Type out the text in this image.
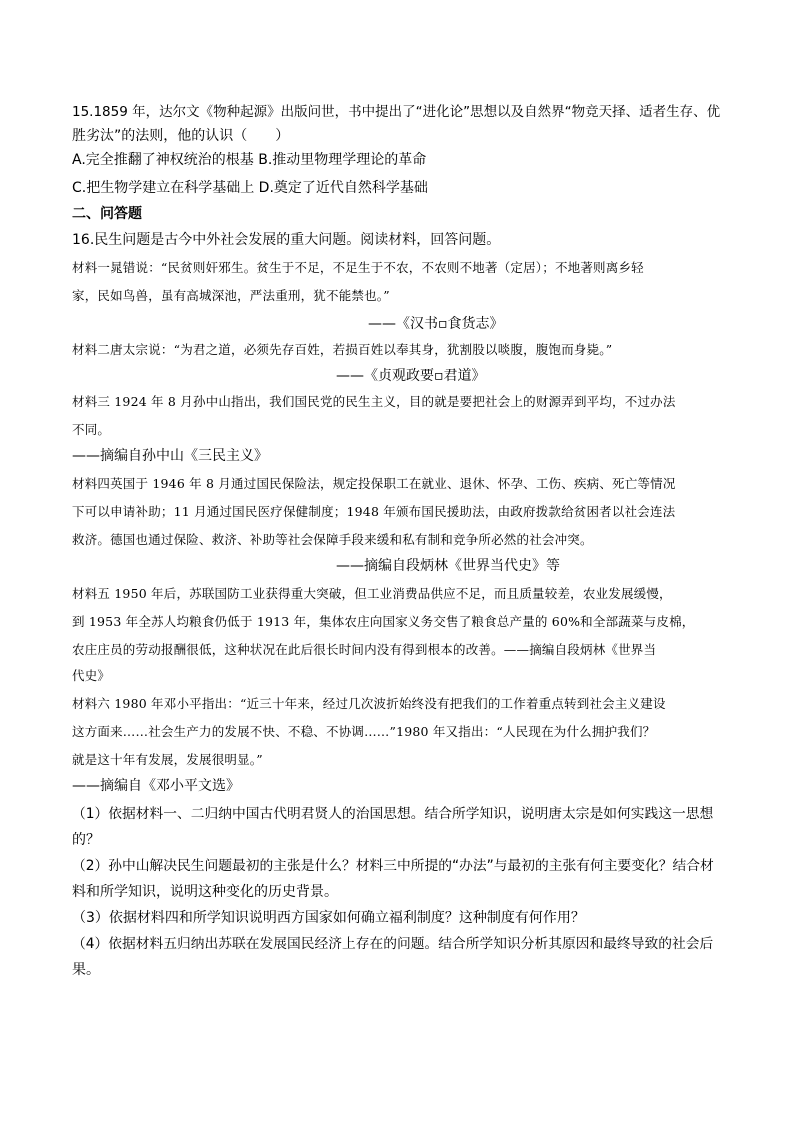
15.1859 年，达尔文《物种起源》出版问世，书中提出了“进化论”思想以及自然界“物竞天择、适者生存、优
胜劣汰”的法则，他的认识（　　）
A.完全推翻了神权统治的根基 B.推动里物理学理论的革命
C.把生物学建立在科学基础上 D.奠定了近代自然科学基础
二、问答题
16.民生问题是古今中外社会发展的重大问题。阅读材料，回答问题。
材料一晁错说：“民贫则奸邪生。贫生于不足，不足生于不农，不农则不地著（定居）；不地著则离乡轻
家，民如鸟兽，虽有高城深池，严法重刑，犹不能禁也。”
——《汉书▫食货志》
材料二唐太宗说：“为君之道，必须先存百姓，若损百姓以奉其身，犹割股以啖腹，腹饱而身毙。”
——《贞观政要▫君道》
材料三 1924 年 8 月孙中山指出，我们国民党的民生主义，目的就是要把社会上的财源弄到平均，不过办法
不同。
——摘编自孙中山《三民主义》
材料四英国于 1946 年 8 月通过国民保险法，规定投保职工在就业、退休、怀孕、工伤、疾病、死亡等情况
下可以申请补助；11 月通过国民医疗保健制度；1948 年颁布国民援助法，由政府拨款给贫困者以社会连法
救济。德国也通过保险、救济、补助等社会保障手段来缓和私有制和竞争所必然的社会冲突。
——摘编自段炳林《世界当代史》等
材料五 1950 年后，苏联国防工业获得重大突破，但工业消费品供应不足，而且质量较差，农业发展缓慢，
到 1953 年全苏人均粮食仍低于 1913 年，集体农庄向国家义务交售了粮食总产量的 60%和全部蔬菜与皮棉，
农庄庄员的劳动报酬很低，这种状况在此后很长时间内没有得到根本的改善。——摘编自段炳林《世界当
代史》
材料六 1980 年邓小平指出：“近三十年来，经过几次波折始终没有把我们的工作着重点转到社会主义建设
这方面来……社会生产力的发展不快、不稳、不协调……”1980 年又指出：“人民现在为什么拥护我们？
就是这十年有发展，发展很明显。”
——摘编自《邓小平文选》
（1）依据材料一、二归纳中国古代明君贤人的治国思想。结合所学知识，说明唐太宗是如何实践这一思想
的？
（2）孙中山解决民生问题最初的主张是什么？材料三中所提的“办法”与最初的主张有何主要变化？结合材
料和所学知识，说明这种变化的历史背景。
（3）依据材料四和所学知识说明西方国家如何确立福利制度？这种制度有何作用？
（4）依据材料五归纳出苏联在发展国民经济上存在的问题。结合所学知识分析其原因和最终导致的社会后
果。
